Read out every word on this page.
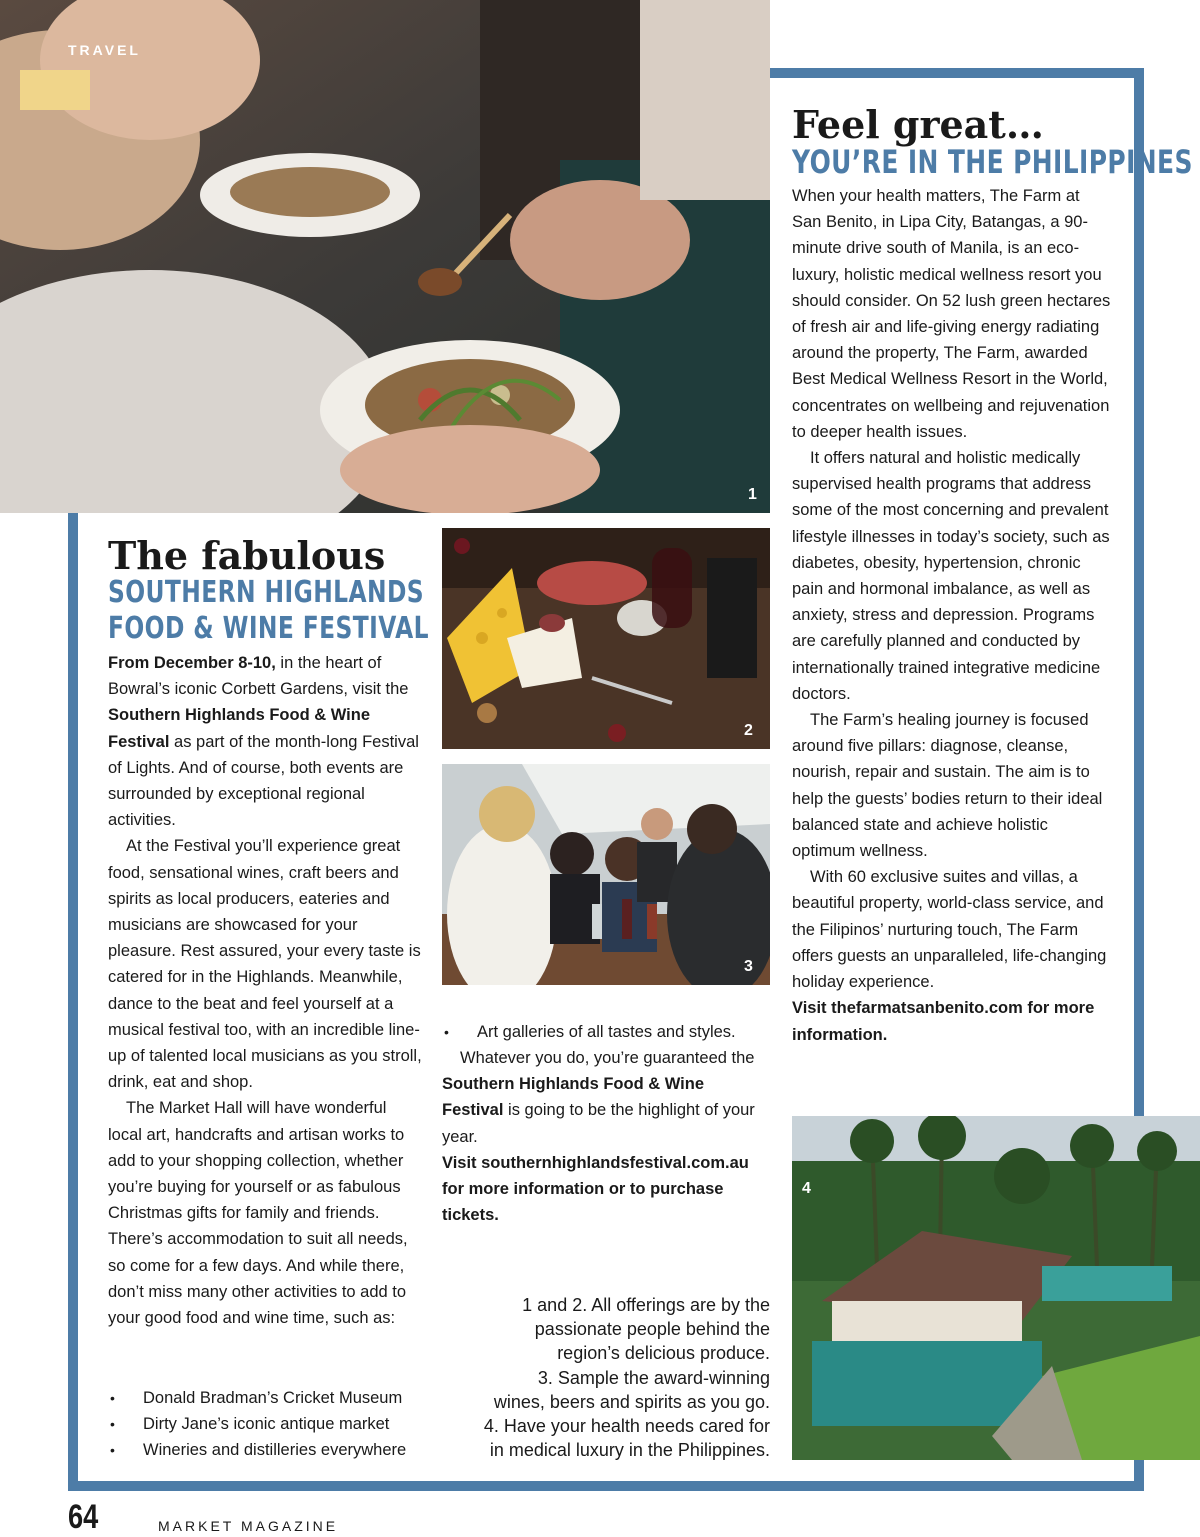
1
TRAVEL
2
3
4
The fabulous
SOUTHERN HIGHLANDS
FOOD & WINE FESTIVAL

From December 8-10, in the heart of Bowral’s iconic Corbett Gardens, visit the Southern Highlands Food & Wine Festival as part of the month-long Festival of Lights. And of course, both events are surrounded by exceptional regional activities.

At the Festival you’ll experience great food, sensational wines, craft beers and spirits as local producers, eateries and musicians are showcased for your pleasure. Rest assured, your every taste is catered for in the Highlands. Meanwhile, dance to the beat and feel yourself at a musical festival too, with an incredible line-up of talented local musicians as you stroll, drink, eat and shop.

The Market Hall will have wonderful local art, handcrafts and artisan works to add to your shopping collection, whether you’re buying for yourself or as fabulous Christmas gifts for family and friends. There’s accommodation to suit all needs, so come for a few days. And while there, don’t miss many other activities to add to your good food and wine time, such as:

• Donald Bradman’s Cricket Museum
• Dirty Jane’s iconic antique market
• Wineries and distilleries everywhere
• Art galleries of all tastes and styles.

Whatever you do, you’re guaranteed the Southern Highlands Food & Wine Festival is going to be the highlight of your year.

Visit southernhighlandsfestival.com.au for more information or to purchase tickets.

1 and 2. All offerings are by the

passionate people behind the

region’s delicious produce.

3. Sample the award-winning

wines, beers and spirits as you go.

4. Have your health needs cared for

in medical luxury in the Philippines.

Feel great…
YOU’RE IN THE PHILIPPINES

When your health matters, The Farm at San Benito, in Lipa City, Batangas, a 90-minute drive south of Manila, is an eco-luxury, holistic medical wellness resort you should consider. On 52 lush green hectares of fresh air and life-giving energy radiating around the property, The Farm, awarded Best Medical Wellness Resort in the World, concentrates on wellbeing and rejuvenation to deeper health issues.

It offers natural and holistic medically supervised health programs that address some of the most concerning and prevalent lifestyle illnesses in today’s society, such as diabetes, obesity, hypertension, chronic pain and hormonal imbalance, as well as anxiety, stress and depression. Programs are carefully planned and conducted by internationally trained integrative medicine doctors.

The Farm’s healing journey is focused around five pillars: diagnose, cleanse, nourish, repair and sustain. The aim is to help the guests’ bodies return to their ideal balanced state and achieve holistic optimum wellness.

With 60 exclusive suites and villas, a beautiful property, world-class service, and the Filipinos’ nurturing touch, The Farm offers guests an unparalleled, life-changing holiday experience.

Visit thefarmatsanbenito.com for more information.

64	MARKET MAGAZINE
